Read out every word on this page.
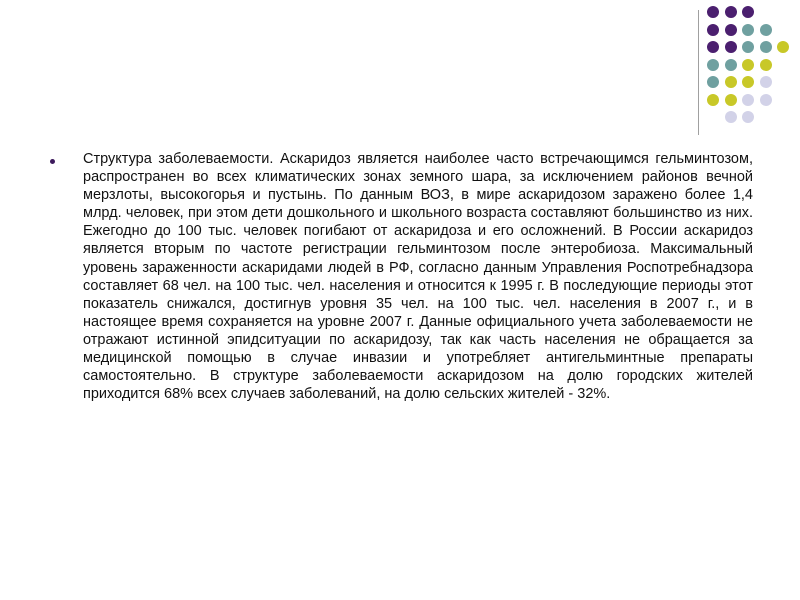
Структура заболеваемости. Аскаридоз является наиболее часто встречающимся гельминтозом, распространен во всех климатических зонах земного шара, за исключением районов вечной мерзлоты, высокогорья и пустынь. По данным ВОЗ, в мире аскаридозом заражено более 1,4 млрд. человек, при этом дети дошкольного и школьного возраста составляют большинство из них. Ежегодно до 100 тыс. человек погибают от аскаридоза и его осложнений. В России аскаридоз является вторым по частоте регистрации гельминтозом после энтеробиоза. Максимальный уровень зараженности аскаридами людей в РФ, согласно данным Управления Роспотребнадзора составляет 68 чел. на 100 тыс. чел. населения и относится к 1995 г. В последующие периоды этот показатель снижался, достигнув уровня 35 чел. на 100 тыс. чел. населения в 2007 г., и в настоящее время сохраняется на уровне 2007 г. Данные официального учета заболеваемости не отражают истинной эпидситуации по аскаридозу, так как часть населения не обращается за медицинской помощью в случае инвазии и употребляет антигельминтные препараты самостоятельно. В структуре заболеваемости аскаридозом на долю городских жителей приходится 68% всех случаев заболеваний, на долю сельских жителей - 32%.
